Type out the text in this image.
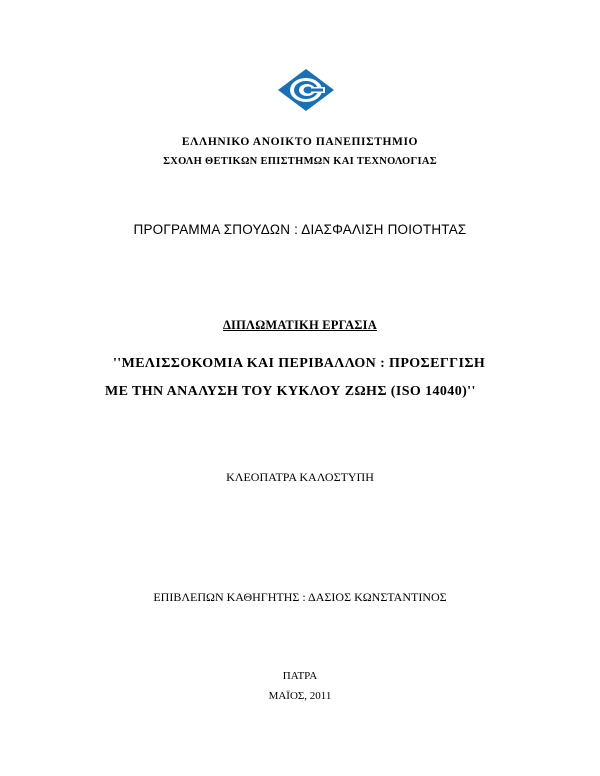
ΕΛΛΗΝΙΚΟ ΑΝΟΙΚΤΟ ΠΑΝΕΠΙΣΤΗΜΙΟ
ΣΧΟΛΗ ΘΕΤΙΚΩΝ ΕΠΙΣΤΗΜΩΝ ΚΑΙ ΤΕΧΝΟΛΟΓΙΑΣ
ΠΡΟΓΡΑΜΜΑ ΣΠΟΥΔΩΝ : ΔΙΑΣΦΑΛΙΣΗ ΠΟΙΟΤΗΤΑΣ
ΔΙΠΛΩΜΑΤΙΚΗ ΕΡΓΑΣΙΑ
''ΜΕΛΙΣΣΟΚΟΜΙΑ ΚΑΙ ΠΕΡΙΒΑΛΛΟΝ : ΠΡΟΣΕΓΓΙΣΗ
ΜΕ ΤΗΝ ΑΝΑΛΥΣΗ ΤΟΥ ΚΥΚΛΟΥ ΖΩΗΣ (ISO 14040)''
ΚΛΕΟΠΑΤΡΑ ΚΑΛΟΣΤΥΠΗ
ΕΠΙΒΛΕΠΩΝ ΚΑΘΗΓΗΤΗΣ : ΔΑΣΙΟΣ ΚΩΝΣΤΑΝΤΙΝΟΣ
ΠΑΤΡΑ
ΜΑΪΟΣ, 2011
